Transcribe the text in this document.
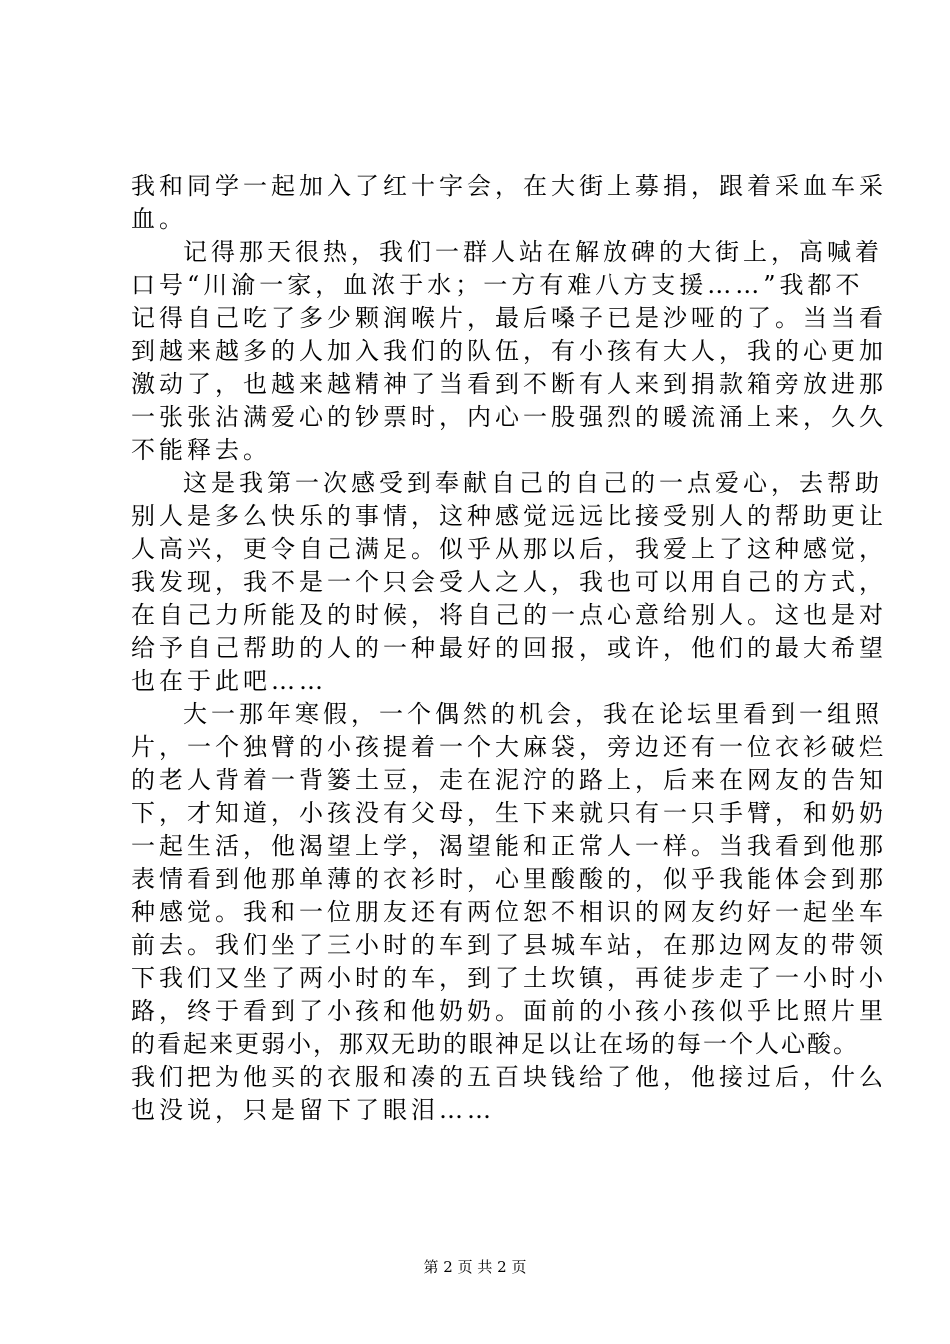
我和同学一起加入了红十字会，在大街上募捐，跟着采血车采
血。
记得那天很热，我们一群人站在解放碑的大街上，高喊着
口号“川渝一家，血浓于水；一方有难八方支援……”我都不
记得自己吃了多少颗润喉片，最后嗓子已是沙哑的了。当当看
到越来越多的人加入我们的队伍，有小孩有大人，我的心更加
激动了，也越来越精神了当看到不断有人来到捐款箱旁放进那
一张张沾满爱心的钞票时，内心一股强烈的暖流涌上来，久久
不能释去。
这是我第一次感受到奉献自己的自己的一点爱心，去帮助
别人是多么快乐的事情，这种感觉远远比接受别人的帮助更让
人高兴，更令自己满足。似乎从那以后，我爱上了这种感觉，
我发现，我不是一个只会受人之人，我也可以用自己的方式，
在自己力所能及的时候，将自己的一点心意给别人。这也是对
给予自己帮助的人的一种最好的回报，或许，他们的最大希望
也在于此吧……
大一那年寒假，一个偶然的机会，我在论坛里看到一组照
片，一个独臂的小孩提着一个大麻袋，旁边还有一位衣衫破烂
的老人背着一背篓土豆，走在泥泞的路上，后来在网友的告知
下，才知道，小孩没有父母，生下来就只有一只手臂，和奶奶
一起生活，他渴望上学，渴望能和正常人一样。当我看到他那
表情看到他那单薄的衣衫时，心里酸酸的，似乎我能体会到那
种感觉。我和一位朋友还有两位恕不相识的网友约好一起坐车
前去。我们坐了三小时的车到了县城车站，在那边网友的带领
下我们又坐了两小时的车，到了土坎镇，再徒步走了一小时小
路，终于看到了小孩和他奶奶。面前的小孩小孩似乎比照片里
的看起来更弱小，那双无助的眼神足以让在场的每一个人心酸。
我们把为他买的衣服和凑的五百块钱给了他，他接过后，什么
也没说，只是留下了眼泪……
第 2 页 共 2 页
